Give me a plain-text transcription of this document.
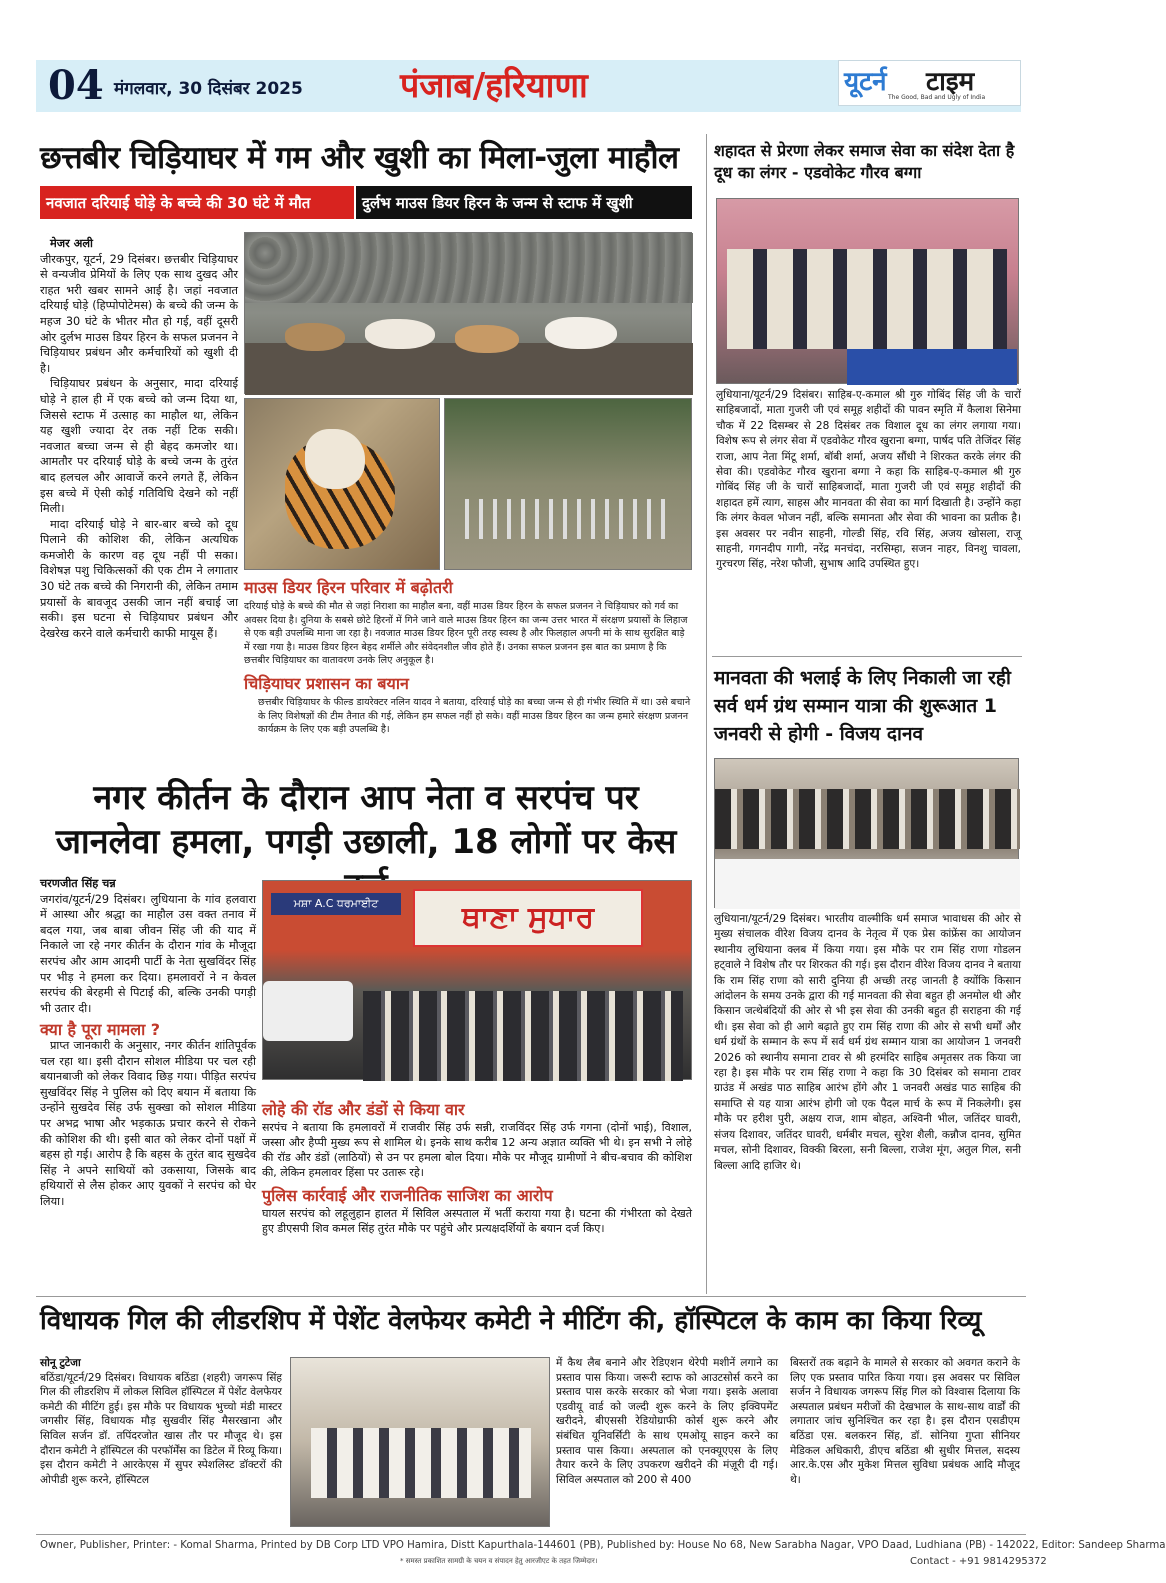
04 मंगलवार, 30 दिसंबर 2025	पंजाब/हरियाणा	यूटर्न टाइम
The Good, Bad and Ugly of India
छत्तबीर चिड़ियाघर में गम और खुशी का मिला-जुला माहौल
नवजात दरियाई घोड़े के बच्चे की 30 घंटे में मौत	दुर्लभ माउस डियर हिरन के जन्म से स्टाफ में खुशी
मेजर अली

जीरकपुर, यूटर्न, 29 दिसंबर। छत्तबीर चिड़ियाघर से वन्यजीव प्रेमियों के लिए एक साथ दुखद और राहत भरी खबर सामने आई है। जहां नवजात दरियाई घोड़े (हिप्पोपोटेमस) के बच्चे की जन्म के महज 30 घंटे के भीतर मौत हो गई, वहीं दूसरी ओर दुर्लभ माउस डियर हिरन के सफल प्रजनन ने चिड़ियाघर प्रबंधन और कर्मचारियों को खुशी दी है।

चिड़ियाघर प्रबंधन के अनुसार, मादा दरियाई घोड़े ने हाल ही में एक बच्चे को जन्म दिया था, जिससे स्टाफ में उत्साह का माहौल था, लेकिन यह खुशी ज्यादा देर तक नहीं टिक सकी। नवजात बच्चा जन्म से ही बेहद कमजोर था। आमतौर पर दरियाई घोड़े के बच्चे जन्म के तुरंत बाद हलचल और आवाजें करने लगते हैं, लेकिन इस बच्चे में ऐसी कोई गतिविधि देखने को नहीं मिली।

मादा दरियाई घोड़े ने बार-बार बच्चे को दूध पिलाने की कोशिश की, लेकिन अत्यधिक कमजोरी के कारण वह दूध नहीं पी सका। विशेषज्ञ पशु चिकित्सकों की एक टीम ने लगातार 30 घंटे तक बच्चे की निगरानी की, लेकिन तमाम प्रयासों के बावजूद उसकी जान नहीं बचाई जा सकी। इस घटना से चिड़ियाघर प्रबंधन और देखरेख करने वाले कर्मचारी काफी मायूस हैं।

माउस डियर हिरन परिवार में बढ़ोतरी

दरियाई घोड़े के बच्चे की मौत से जहां निराशा का माहौल बना, वहीं माउस डियर हिरन के सफल प्रजनन ने चिड़ियाघर को गर्व का अवसर दिया है। दुनिया के सबसे छोटे हिरनों में गिने जाने वाले माउस डियर हिरन का जन्म उत्तर भारत में संरक्षण प्रयासों के लिहाज से एक बड़ी उपलब्धि माना जा रहा है। नवजात माउस डियर हिरन पूरी तरह स्वस्थ है और फिलहाल अपनी मां के साथ सुरक्षित बाड़े में रखा गया है। माउस डियर हिरन बेहद शर्मीले और संवेदनशील जीव होते हैं। उनका सफल प्रजनन इस बात का प्रमाण है कि छत्तबीर चिड़ियाघर का वातावरण उनके लिए अनुकूल है।

चिड़ियाघर प्रशासन का बयान

छत्तबीर चिड़ियाघर के फील्ड डायरेक्टर नलिन यादव ने बताया, दरियाई घोड़े का बच्चा जन्म से ही गंभीर स्थिति में था। उसे बचाने के लिए विशेषज्ञों की टीम तैनात की गई, लेकिन हम सफल नहीं हो सके। वहीं माउस डियर हिरन का जन्म हमारे संरक्षण प्रजनन कार्यक्रम के लिए एक बड़ी उपलब्धि है।

नगर कीर्तन के दौरान आप नेता व सरपंच पर
जानलेवा हमला, पगड़ी उछाली, 18 लोगों पर केस
चरणजीत सिंह चन्न

जगरांव/यूटर्न/29 दिसंबर। लुधियाना के गांव हलवारा में आस्था और श्रद्धा का माहौल उस वक्त तनाव में बदल गया, जब बाबा जीवन सिंह जी की याद में निकाले जा रहे नगर कीर्तन के दौरान गांव के मौजूदा सरपंच और आम आदमी पार्टी के नेता सुखविंदर सिंह पर भीड़ ने हमला कर दिया। हमलावरों ने न केवल सरपंच की बेरहमी से पिटाई की, बल्कि उनकी पगड़ी भी उतार दी।

क्या है पूरा मामला ?

प्राप्त जानकारी के अनुसार, नगर कीर्तन शांतिपूर्वक चल रहा था। इसी दौरान सोशल मीडिया पर चल रही बयानबाजी को लेकर विवाद छिड़ गया। पीड़ित सरपंच सुखविंदर सिंह ने पुलिस को दिए बयान में बताया कि उन्होंने सुखदेव सिंह उर्फ सुक्खा को सोशल मीडिया पर अभद्र भाषा और भड़काऊ प्रचार करने से रोकने की कोशिश की थी। इसी बात को लेकर दोनों पक्षों में बहस हो गई। आरोप है कि बहस के तुरंत बाद सुखदेव सिंह ने अपने साथियों को उकसाया, जिसके बाद हथियारों से लैस होकर आए युवकों ने सरपंच को घेर लिया।

ਥਾਣਾ ਸੁਧਾਰ
ਮਸ਼ਾ A.C ਧਰਮਾਈਟ
लोहे की रॉड और डंडों से किया वार

सरपंच ने बताया कि हमलावरों में राजवीर सिंह उर्फ सन्नी, राजविंदर सिंह उर्फ गगना (दोनों भाई), विशाल, जस्सा और हैप्पी मुख्य रूप से शामिल थे। इनके साथ करीब 12 अन्य अज्ञात व्यक्ति भी थे। इन सभी ने लोहे की रॉड और डंडों (लाठियों) से उन पर हमला बोल दिया। मौके पर मौजूद ग्रामीणों ने बीच-बचाव की कोशिश की, लेकिन हमलावर हिंसा पर उतारू रहे।

पुलिस कार्रवाई और राजनीतिक साजिश का आरोप

घायल सरपंच को लहूलुहान हालत में सिविल अस्पताल में भर्ती कराया गया है। घटना की गंभीरता को देखते हुए डीएसपी शिव कमल सिंह तुरंत मौके पर पहुंचे और प्रत्यक्षदर्शियों के बयान दर्ज किए।

शहादत से प्रेरणा लेकर समाज सेवा का संदेश देता है दूध का लंगर - एडवोकेट गौरव बग्गा

लुधियाना/यूटर्न/29 दिसंबर। साहिब-ए-कमाल श्री गुरु गोबिंद सिंह जी के चारों साहिबजादों, माता गुजरी जी एवं समूह शहीदों की पावन स्मृति में कैलाश सिनेमा चौक में 22 दिसम्बर से 28 दिसंबर तक विशाल दूध का लंगर लगाया गया। विशेष रूप से लंगर सेवा में एडवोकेट गौरव खुराना बग्गा, पार्षद पति तेजिंदर सिंह राजा, आप नेता मिंटू शर्मा, बॉबी शर्मा, अजय सौंधी ने शिरकत करके लंगर की सेवा की। एडवोकेट गौरव खुराना बग्गा ने कहा कि साहिब-ए-कमाल श्री गुरु गोबिंद सिंह जी के चारों साहिबजादों, माता गुजरी जी एवं समूह शहीदों की शहादत हमें त्याग, साहस और मानवता की सेवा का मार्ग दिखाती है। उन्होंने कहा कि लंगर केवल भोजन नहीं, बल्कि समानता और सेवा की भावना का प्रतीक है। इस अवसर पर नवीन साहनी, गोल्डी सिंह, रवि सिंह, अजय खोसला, राजू साहनी, गगनदीप गागी, नरेंद्र मनचंदा, नरसिम्हा, सजन नाहर, विनशु चावला, गुरचरण सिंह, नरेश फौजी, सुभाष आदि उपस्थित हुए।

मानवता की भलाई के लिए निकाली जा रही सर्व धर्म ग्रंथ सम्मान यात्रा की शुरूआत 1 जनवरी से होगी - विजय दानव

लुधियाना/यूटर्न/29 दिसंबर। भारतीय वाल्मीकि धर्म समाज भावाधस की ओर से मुख्य संचालक वीरेश विजय दानव के नेतृत्व में एक प्रेस कांफ्रेंस का आयोजन स्थानीय लुधियाना क्लब में किया गया। इस मौके पर राम सिंह राणा गोडलन हट्वाले ने विशेष तौर पर शिरकत की गई। इस दौरान वीरेश विजय दानव ने बताया कि राम सिंह राणा को सारी दुनिया ही अच्छी तरह जानती है क्योंकि किसान आंदोलन के समय उनके द्वारा की गई मानवता की सेवा बहुत ही अनमोल थी और किसान जत्थेबंदियों की ओर से भी इस सेवा की उनकी बहुत ही सराहना की गई थी। इस सेवा को ही आगे बढ़ाते हुए राम सिंह राणा की ओर से सभी धर्मों और धर्म ग्रंथों के सम्मान के रूप में सर्व धर्म ग्रंथ सम्मान यात्रा का आयोजन 1 जनवरी 2026 को स्थानीय समाना टावर से श्री हरमंदिर साहिब अमृतसर तक किया जा रहा है। इस मौके पर राम सिंह राणा ने कहा कि 30 दिसंबर को समाना टावर ग्राउंड में अखंड पाठ साहिब आरंभ होंगे और 1 जनवरी अखंड पाठ साहिब की समाप्ति से यह यात्रा आरंभ होगी जो एक पैदल मार्च के रूप में निकलेगी। इस मौके पर हरीश पुरी, अक्षय राज, शाम बोहत, अश्विनी भील, जतिंदर घावरी, संजय दिशावर, जतिंदर घावरी, धर्मबीर मचल, सुरेश शैली, कन्नौज दानव, सुमित मचल, सोनी दिशावर, विक्की बिरला, सनी बिल्ला, राजेश मूंग, अतुल गिल, सनी बिल्ला आदि हाजिर थे।

विधायक गिल की लीडरशिप में पेशेंट वेलफेयर कमेटी ने मीटिंग की, हॉस्पिटल के काम का किया रिव्यू
सोनू टुटेजा

बठिंडा/यूटर्न/29 दिसंबर। विधायक बठिंडा (शहरी) जगरूप सिंह गिल की लीडरशिप में लोकल सिविल हॉस्पिटल में पेशेंट वेलफेयर कमेटी की मीटिंग हुई। इस मौके पर विधायक भुच्चो मंडी मास्टर जगसीर सिंह, विधायक मौड़ सुखवीर सिंह मैसरखाना और सिविल सर्जन डॉ. तपिंदरजोत खास तौर पर मौजूद थे। इस दौरान कमेटी ने हॉस्पिटल की परफॉर्मेंस का डिटेल में रिव्यू किया। इस दौरान कमेटी ने आरकेएस में सुपर स्पेशलिस्ट डॉक्टरों की ओपीडी शुरू करने, हॉस्पिटल

में कैथ लैब बनाने और रेडिएशन थेरेपी मशीनें लगाने का प्रस्ताव पास किया। जरूरी स्टाफ को आउटसोर्स करने का प्रस्ताव पास करके सरकार को भेजा गया। इसके अलावा एडवीयू वार्ड को जल्दी शुरू करने के लिए इक्विपमेंट खरीदने, बीएससी रेडियोग्राफी कोर्स शुरू करने और संबंधित यूनिवर्सिटी के साथ एमओयू साइन करने का प्रस्ताव पास किया। अस्पताल को एनक्यूएएस के लिए तैयार करने के लिए उपकरण खरीदने की मंज़ूरी दी गई। सिविल अस्पताल को 200 से 400

बिस्तरों तक बढ़ाने के मामले से सरकार को अवगत कराने के लिए एक प्रस्ताव पारित किया गया। इस अवसर पर सिविल सर्जन ने विधायक जगरूप सिंह गिल को विश्वास दिलाया कि अस्पताल प्रबंधन मरीजों की देखभाल के साथ-साथ वार्डों की लगातार जांच सुनिश्चित कर रहा है। इस दौरान एसडीएम बठिंडा एस. बलकरन सिंह, डॉ. सोनिया गुप्ता सीनियर मेडिकल अधिकारी, डीएच बठिंडा श्री सुधीर मित्तल, सदस्य आर.के.एस और मुकेश मित्तल सुविधा प्रबंधक आदि मौजूद थे।

Owner, Publisher, Printer: - Komal Sharma, Printed by DB Corp LTD VPO Hamira, Distt Kapurthala-144601 (PB), Published by: House No 68, New Sarabha Nagar, VPO Daad, Ludhiana (PB) - 142022, Editor: Sandeep Sharma
* समस्त प्रकाशित सामग्री के चयन व संपादन हेतु आरजीएट के तहत जिम्मेदार।	Contact - +91 9814295372
